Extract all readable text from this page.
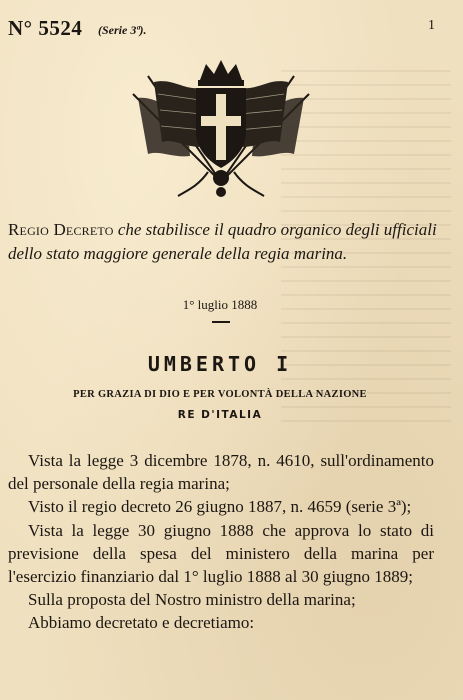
N° 5524 (Serie 3ª).	1
Regio Decreto che stabilisce il quadro organico degli ufficiali dello stato maggiore generale della regia marina.
1° luglio 1888
UMBERTO I
PER GRAZIA DI DIO E PER VOLONTÀ DELLA NAZIONE
RE D'ITALIA

Vista la legge 3 dicembre 1878, n. 4610, sull'ordinamento del personale della regia marina;

Visto il regio decreto 26 giugno 1887, n. 4659 (serie 3ª);

Vista la legge 30 giugno 1888 che approva lo stato di previsione della spesa del ministero della marina per l'esercizio finanziario dal 1° luglio 1888 al 30 giugno 1889;

Sulla proposta del Nostro ministro della marina;

Abbiamo decretato e decretiamo:
